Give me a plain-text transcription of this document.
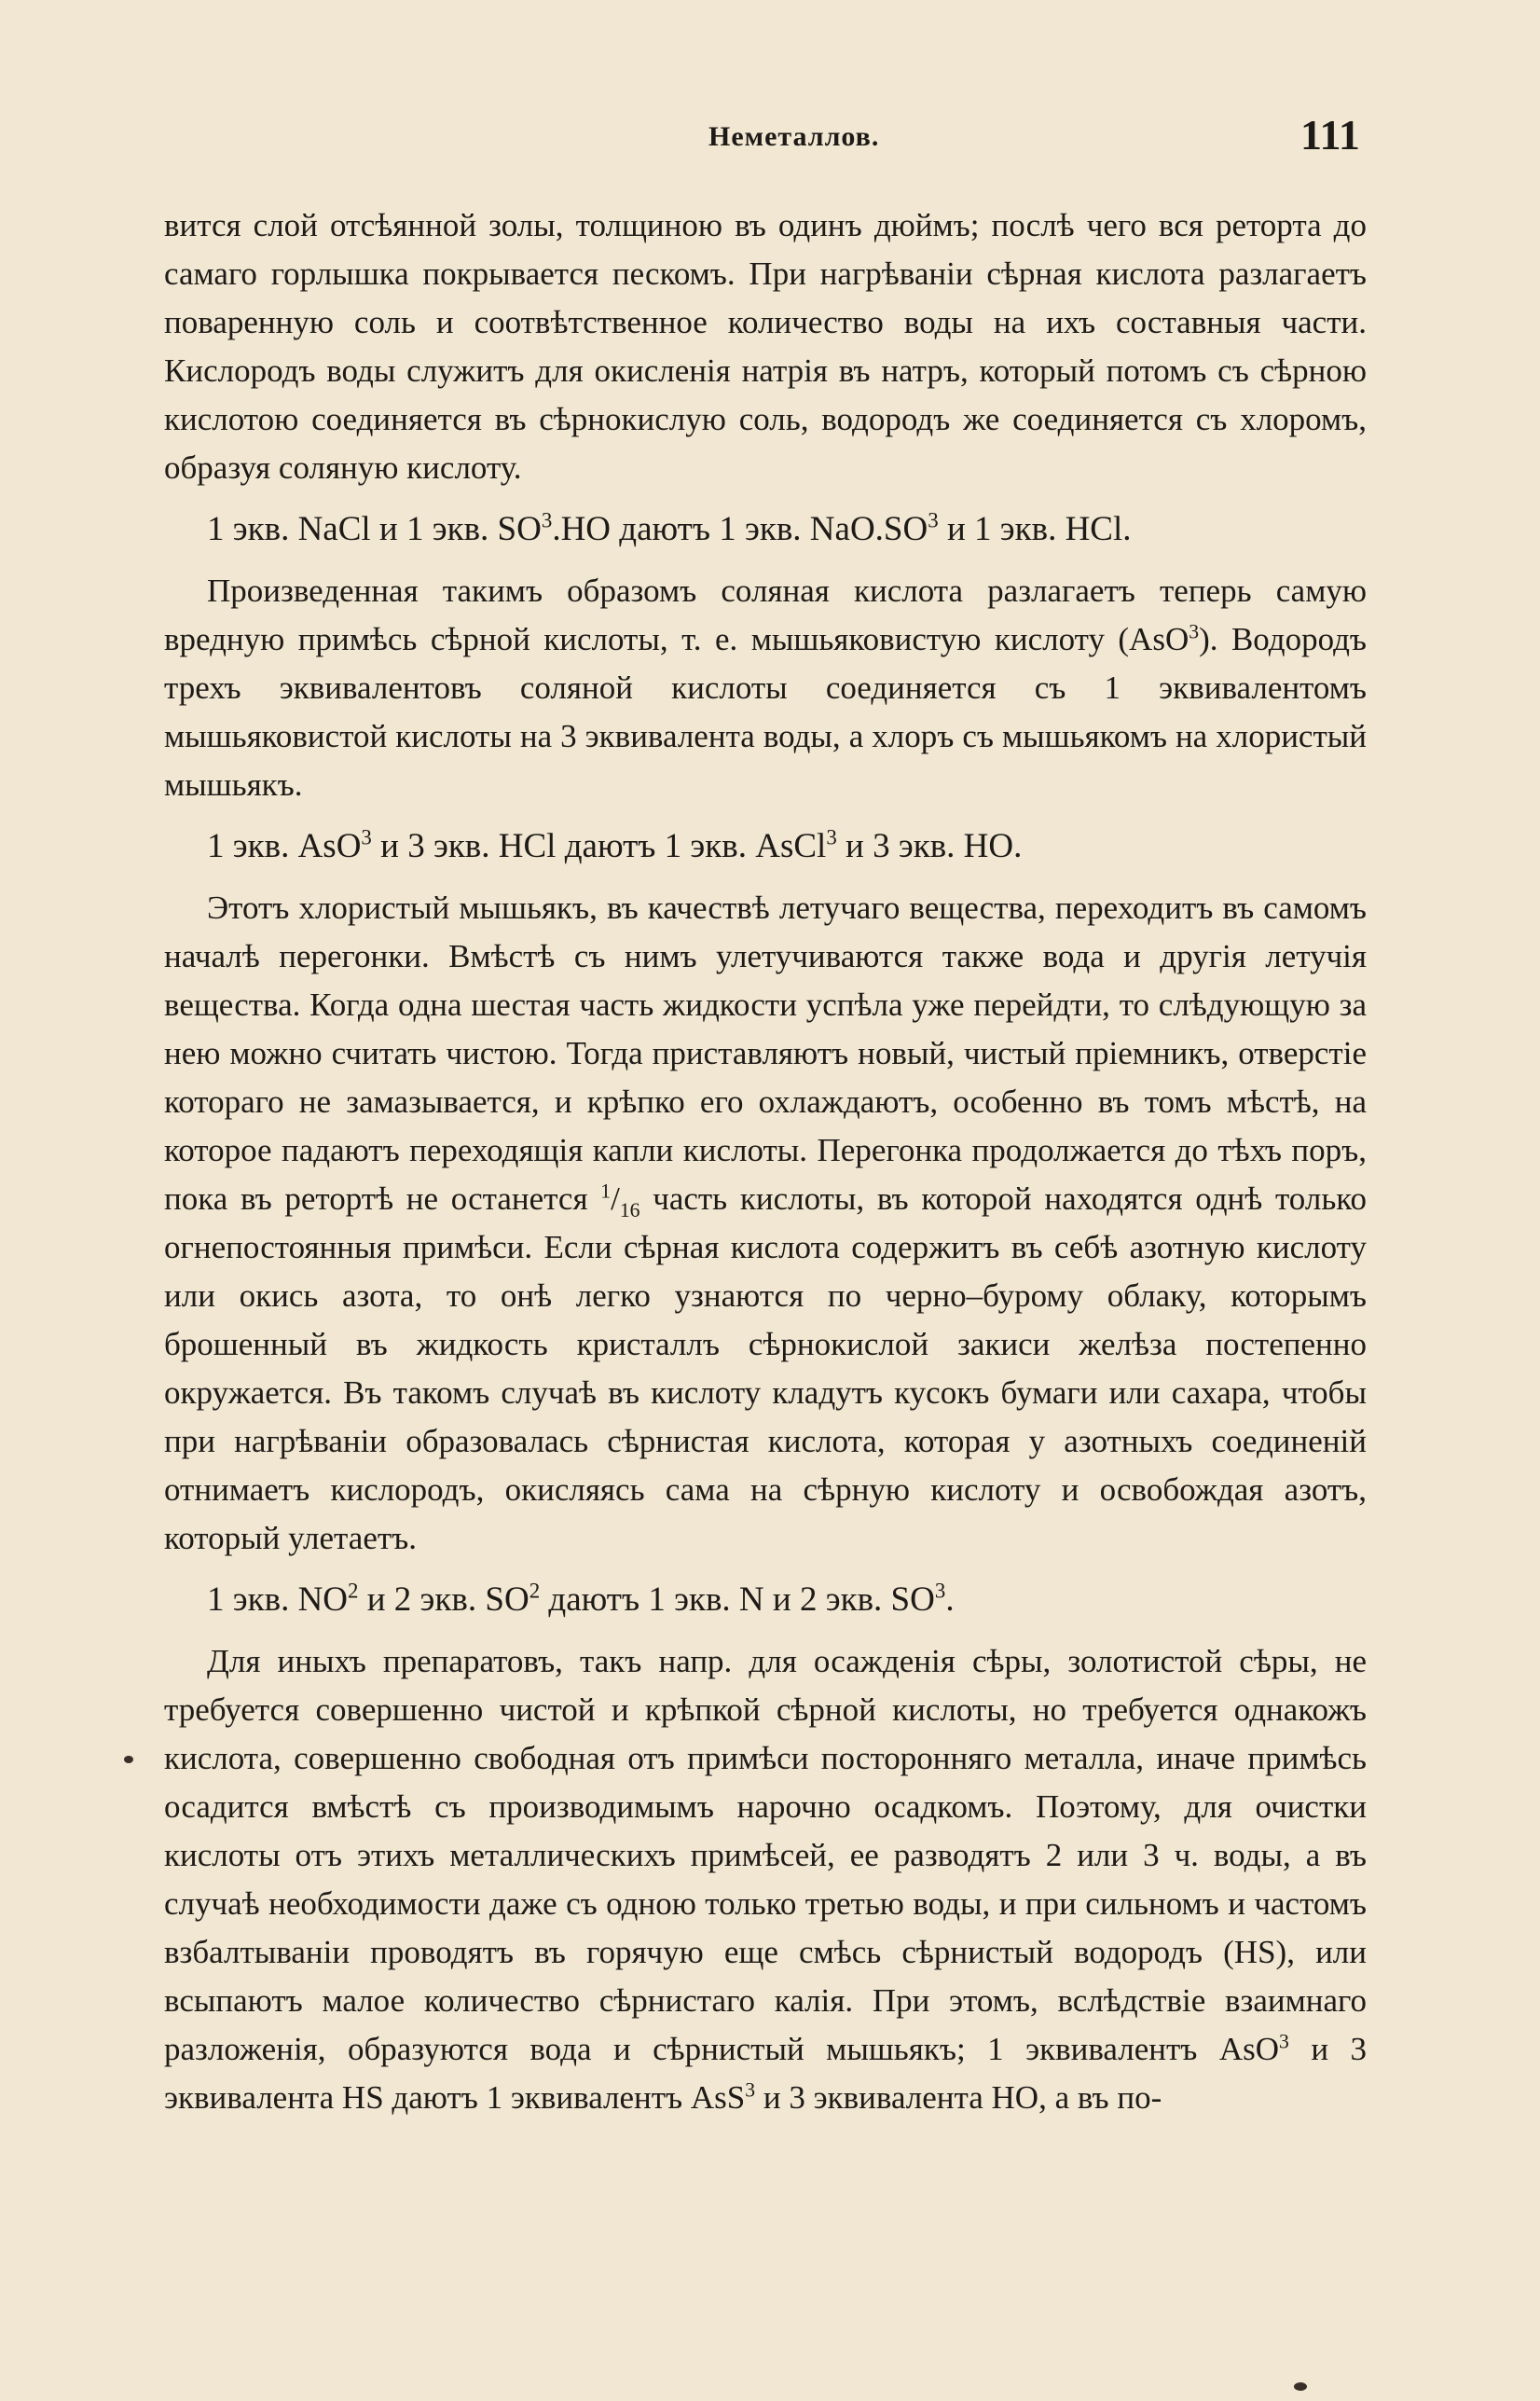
Неметаллов.	111

вится слой отсѣянной золы, толщиною въ одинъ дюймъ; послѣ чего вся реторта до самаго горлышка покрывается пескомъ. При нагрѣваніи сѣрная кислота разлагаетъ поваренную соль и соотвѣтственное количество воды на ихъ составныя части. Кислородъ воды служитъ для окисленія натрія въ натръ, который потомъ съ сѣрною кислотою соединяется въ сѣрнокислую соль, водородъ же соединяется съ хлоромъ, образуя соляную кислоту.

1 экв. NaCl и 1 экв. $SO^3.HO$ даютъ 1 экв. $NaO.SO^3$ и 1 экв. HCl.

Произведенная такимъ образомъ соляная кислота разлагаетъ теперь самую вредную примѣсь сѣрной кислоты, т. е. мышьяковистую кислоту (AsO$^3$). Водородъ трехъ эквивалентовъ соляной кислоты соединяется съ 1 эквивалентомъ мышьяковистой кислоты на 3 эквивалента воды, а хлоръ съ мышьякомъ на хлористый мышьякъ.

1 экв. AsO$^3$ и 3 экв. HCl даютъ 1 экв. AsCl$^3$ и 3 экв. HO.

Этотъ хлористый мышьякъ, въ качествѣ летучаго вещества, переходитъ въ самомъ началѣ перегонки. Вмѣстѣ съ нимъ улетучиваются также вода и другія летучія вещества. Когда одна шестая часть жидкости успѣла уже перейдти, то слѣдующую за нею можно считать чистою. Тогда приставляютъ новый, чистый пріемникъ, отверстіе котораго не замазывается, и крѣпко его охлаждаютъ, особенно въ томъ мѣстѣ, на которое падаютъ переходящія капли кислоты. Перегонка продолжается до тѣхъ поръ, пока въ ретортѣ не останется $^1/_{16}$ часть кислоты, въ которой находятся однѣ только огнепостоянныя примѣси. Если сѣрная кислота содержитъ въ себѣ азотную кислоту или окись азота, то онѣ легко узнаются по черно–бурому облаку, которымъ брошенный въ жидкость кристаллъ сѣрнокислой закиси желѣза постепенно окружается. Въ такомъ случаѣ въ кислоту кладутъ кусокъ бумаги или сахара, чтобы при нагрѣваніи образовалась сѣрнистая кислота, которая у азотныхъ соединеній отнимаетъ кислородъ, окисляясь сама на сѣрную кислоту и освобождая азотъ, который улетаетъ.

1 экв. $NO^2$ и 2 экв. $SO^2$ даютъ 1 экв. N и 2 экв. $SO^3$.

Для иныхъ препаратовъ, такъ напр. для осажденія сѣры, золотистой сѣры, не требуется совершенно чистой и крѣпкой сѣрной кислоты, но требуется однакожъ кислота, совершенно свободная отъ примѣси посторонняго металла, иначе примѣсь осадится вмѣстѣ съ производимымъ нарочно осадкомъ. Поэтому, для очистки кислоты отъ этихъ металлическихъ примѣсей, ее разводятъ 2 или 3 ч. воды, а въ случаѣ необходимости даже съ одною только третью воды, и при сильномъ и частомъ взбалтываніи проводятъ въ горячую еще смѣсь сѣрнистый водородъ (HS), или всыпаютъ малое количество сѣрнистаго калія. При этомъ, вслѣдствіе взаимнаго разложенія, образуются вода и сѣрнистый мышьякъ; 1 эквивалентъ AsO$^3$ и 3 эквивалента HS даютъ 1 эквивалентъ AsS$^3$ и 3 эквивалента HO, а въ по-
